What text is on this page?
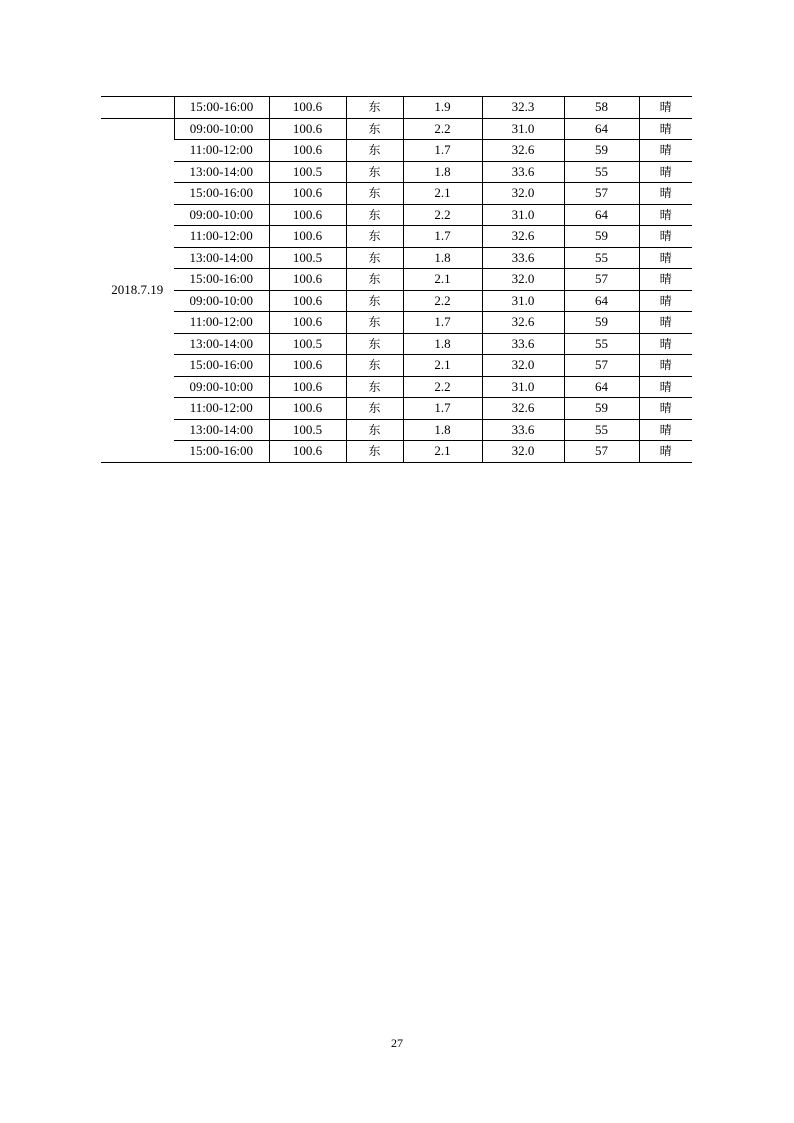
	15:00-16:00	100.6	东	1.9	32.3	58	晴
2018.7.19	09:00-10:00	100.6	东	2.2	31.0	64	晴
	11:00-12:00	100.6	东	1.7	32.6	59	晴
	13:00-14:00	100.5	东	1.8	33.6	55	晴
	15:00-16:00	100.6	东	2.1	32.0	57	晴
	09:00-10:00	100.6	东	2.2	31.0	64	晴
	11:00-12:00	100.6	东	1.7	32.6	59	晴
	13:00-14:00	100.5	东	1.8	33.6	55	晴
	15:00-16:00	100.6	东	2.1	32.0	57	晴
	09:00-10:00	100.6	东	2.2	31.0	64	晴
	11:00-12:00	100.6	东	1.7	32.6	59	晴
	13:00-14:00	100.5	东	1.8	33.6	55	晴
	15:00-16:00	100.6	东	2.1	32.0	57	晴
	09:00-10:00	100.6	东	2.2	31.0	64	晴
	11:00-12:00	100.6	东	1.7	32.6	59	晴
	13:00-14:00	100.5	东	1.8	33.6	55	晴
	15:00-16:00	100.6	东	2.1	32.0	57	晴
27
